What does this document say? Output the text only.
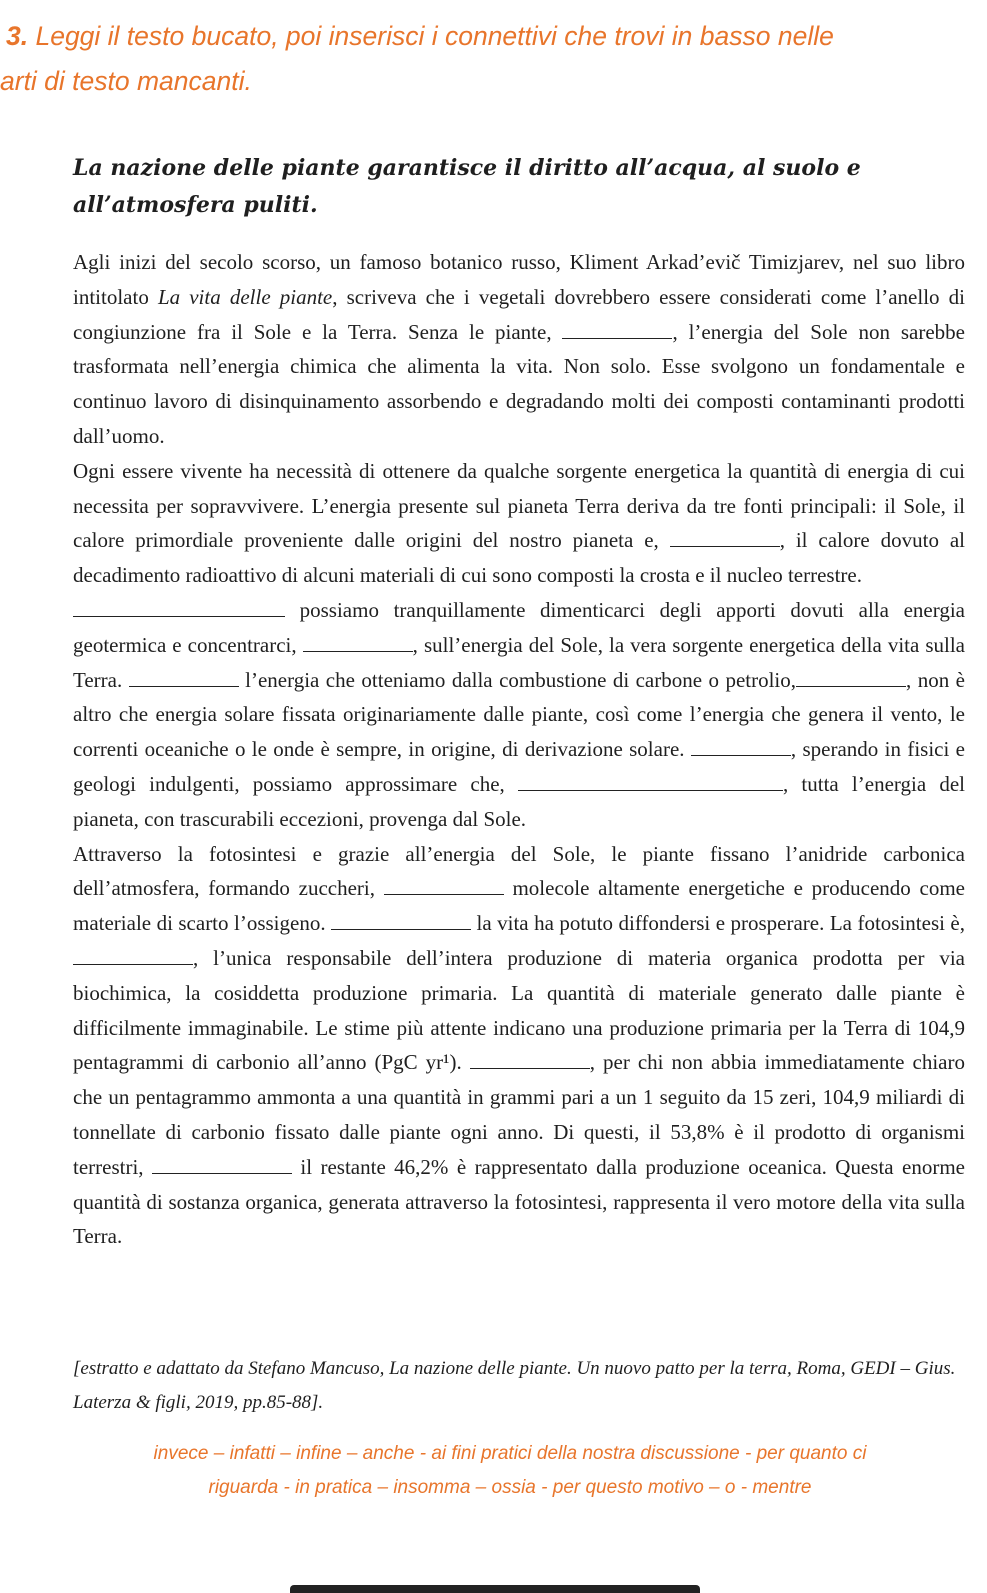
3. Leggi il testo bucato, poi inserisci i connettivi che trovi in basso nelle
arti di testo mancanti.
La nazione delle piante garantisce il diritto all’acqua, al suolo e
all’atmosfera puliti.

Agli inizi del secolo scorso, un famoso botanico russo, Kliment Arkad’evič Timizjarev, nel suo libro intitolato La vita delle piante, scriveva che i vegetali dovrebbero essere considerati come l’anello di congiunzione fra il Sole e la Terra. Senza le piante,	, l’energia del Sole non sarebbe trasformata nell’energia chimica che alimenta la vita. Non solo. Esse svolgono un fondamentale e continuo lavoro di disinquinamento assorbendo e degradando molti dei composti contaminanti prodotti dall’uomo.

Ogni essere vivente ha necessità di ottenere da qualche sorgente energetica la quantità di energia di cui necessita per sopravvivere. L’energia presente sul pianeta Terra deriva da tre fonti principali: il Sole, il calore primordiale proveniente dalle origini del nostro pianeta e,	, il calore dovuto al decadimento radioattivo di alcuni materiali di cui sono composti la crosta e il nucleo terrestre.

possiamo tranquillamente dimenticarci degli apporti dovuti alla energia geotermica e concentrarci,	, sull’energia del Sole, la vera sorgente energetica della vita sulla Terra.	l’energia che otteniamo dalla combustione di carbone o petrolio,	, non è altro che energia solare fissata originariamente dalle piante, così come l’energia che genera il vento, le correnti oceaniche o le onde è sempre, in origine, di derivazione solare.	, sperando in fisici e geologi indulgenti, possiamo approssimare che,	, tutta l’energia del pianeta, con trascurabili eccezioni, provenga dal Sole.

Attraverso la fotosintesi e grazie all’energia del Sole, le piante fissano l’anidride carbonica dell’atmosfera, formando zuccheri,	molecole altamente energetiche e producendo come materiale di scarto l’ossigeno.	la vita ha potuto diffondersi e prosperare. La fotosintesi è, , l’unica responsabile dell’intera produzione di materia organica prodotta per via biochimica, la cosiddetta produzione primaria. La quantità di materiale generato dalle piante è difficilmente immaginabile. Le stime più attente indicano una produzione primaria per la Terra di 104,9 pentagrammi di carbonio all’anno (PgC yr¹).	, per chi non abbia immediatamente chiaro che un pentagrammo ammonta a una quantità in grammi pari a un 1 seguito da 15 zeri, 104,9 miliardi di tonnellate di carbonio fissato dalle piante ogni anno. Di questi, il 53,8% è il prodotto di organismi terrestri,	il restante 46,2% è rappresentato dalla produzione oceanica. Questa enorme quantità di sostanza organica, generata attraverso la fotosintesi, rappresenta il vero motore della vita sulla Terra.

[estratto e adattato da Stefano Mancuso, La nazione delle piante. Un nuovo patto per la terra, Roma, GEDI – Gius. Laterza & figli, 2019, pp.85-88].
invece – infatti – infine – anche - ai fini pratici della nostra discussione - per quanto ci
riguarda - in pratica – insomma – ossia - per questo motivo – o - mentre
